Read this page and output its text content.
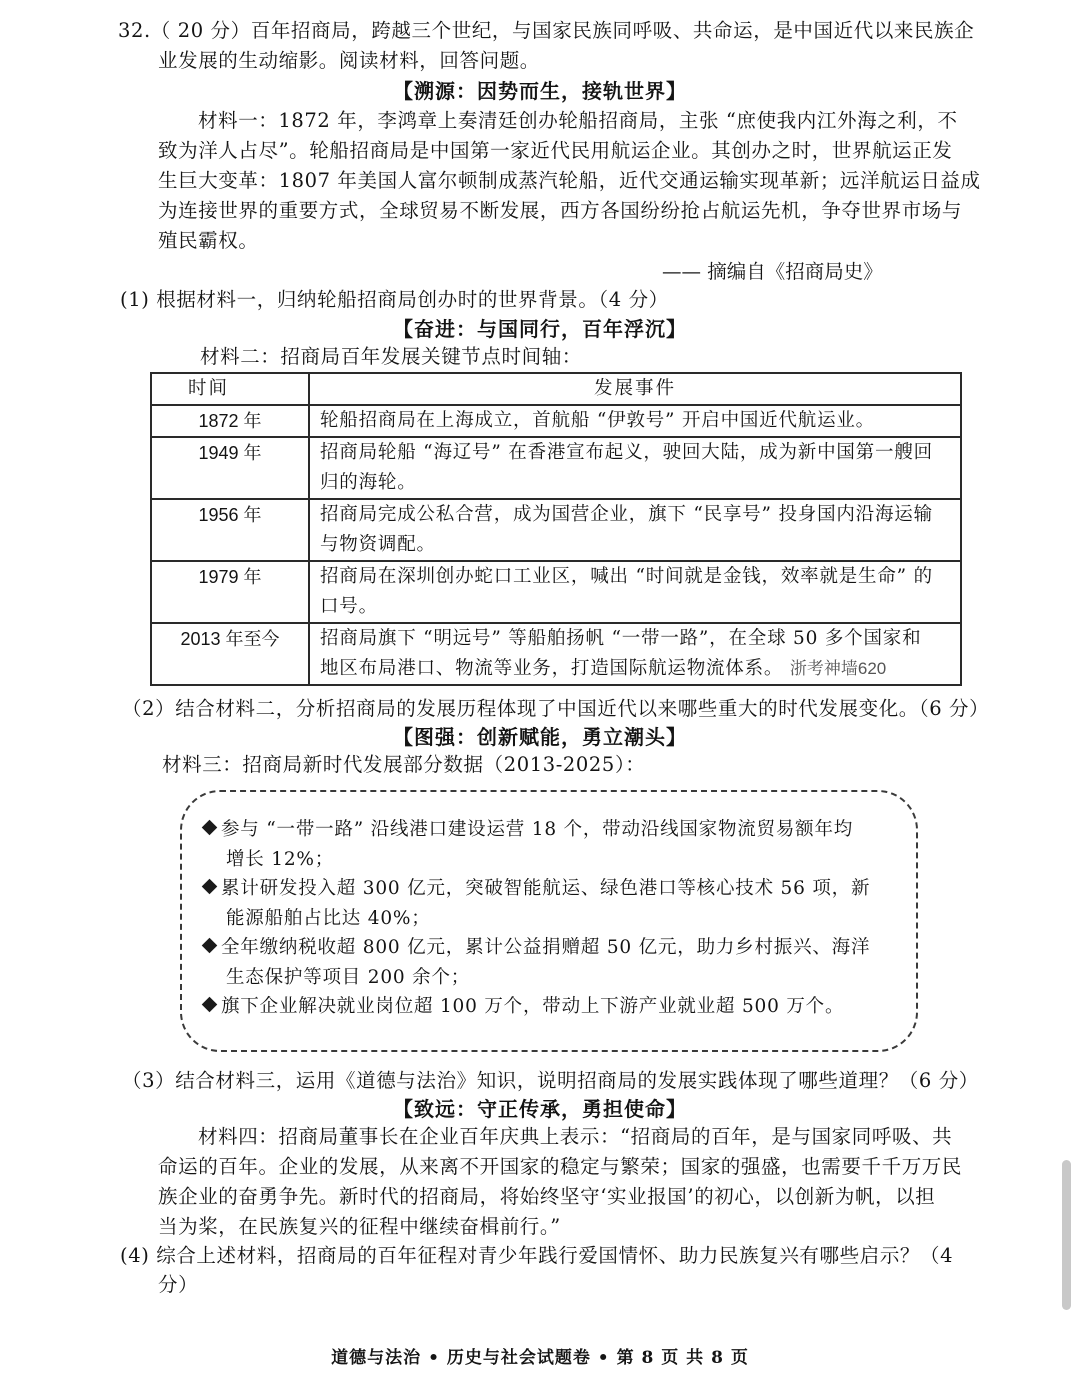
32.（ 20 分）百年招商局，跨越三个世纪，与国家民族同呼吸、共命运，是中国近代以来民族企
业发展的生动缩影。阅读材料，回答问题。
【溯源：因势而生，接轨世界】
材料一：1872 年，李鸿章上奏清廷创办轮船招商局，主张 “庶使我内江外海之利，不
致为洋人占尽”。轮船招商局是中国第一家近代民用航运企业。其创办之时，世界航运正发
生巨大变革：1807 年美国人富尔顿制成蒸汽轮船，近代交通运输实现革新；远洋航运日益成
为连接世界的重要方式，全球贸易不断发展，西方各国纷纷抢占航运先机，争夺世界市场与
殖民霸权。
—— 摘编自《招商局史》
(1) 根据材料一，归纳轮船招商局创办时的世界背景。（4 分）
【奋进：与国同行，百年浮沉】
材料二：招商局百年发展关键节点时间轴：
时间	发展事件
1872 年	轮船招商局在上海成立，首航船 “伊敦号” 开启中国近代航运业。
1949 年	招商局轮船 “海辽号” 在香港宣布起义，驶回大陆，成为新中国第一艘回
归的海轮。
1956 年	招商局完成公私合营，成为国营企业，旗下 “民享号” 投身国内沿海运输
与物资调配。
1979 年	招商局在深圳创办蛇口工业区，喊出 “时间就是金钱，效率就是生命” 的
口号。
2013 年至今	招商局旗下 “明远号” 等船舶扬帆 “一带一路”，在全球 50 多个国家和
地区布局港口、物流等业务，打造国际航运物流体系。 浙考神墙620
（2）结合材料二，分析招商局的发展历程体现了中国近代以来哪些重大的时代发展变化。（6 分）
【图强：创新赋能，勇立潮头】
材料三：招商局新时代发展部分数据（2013-2025）：
参与 “一带一路” 沿线港口建设运营 18 个，带动沿线国家物流贸易额年均
增长 12%；
累计研发投入超 300 亿元，突破智能航运、绿色港口等核心技术 56 项，新
能源船舶占比达 40%；
全年缴纳税收超 800 亿元，累计公益捐赠超 50 亿元，助力乡村振兴、海洋
生态保护等项目 200 余个；
旗下企业解决就业岗位超 100 万个，带动上下游产业就业超 500 万个。
（3）结合材料三，运用《道德与法治》知识，说明招商局的发展实践体现了哪些道理？（6 分）
【致远：守正传承，勇担使命】
材料四：招商局董事长在企业百年庆典上表示：“招商局的百年，是与国家同呼吸、共
命运的百年。企业的发展，从来离不开国家的稳定与繁荣；国家的强盛，也需要千千万万民
族企业的奋勇争先。新时代的招商局，将始终坚守‘实业报国’的初心，以创新为帆，以担
当为桨，在民族复兴的征程中继续奋楫前行。”
(4) 综合上述材料，招商局的百年征程对青少年践行爱国情怀、助力民族复兴有哪些启示？（4
分）
道德与法治 • 历史与社会试题卷 • 第 8 页 共 8 页
